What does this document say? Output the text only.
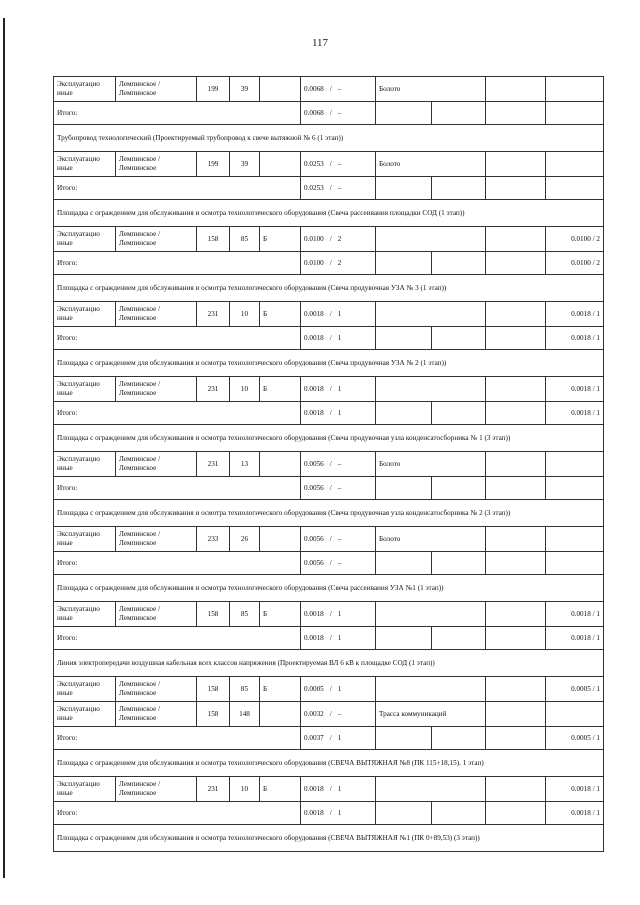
117
Эксплуатацио нные	Лемпинское / Лемпинское	199	39		0.0068 / –	Болото			
Итого:					0.0068 / –				
Трубопровод технологический (Проектируемый трубопровод к свече вытяжной № 6 (1 этап))									
Эксплуатацио нные	Лемпинское / Лемпинское	199	39		0.0253 / –	Болото			
Итого:					0.0253 / –				
Площадка с ограждением для обслуживания и осмотра технологического оборудования (Свеча рассеивания площадки СОД (1 этап))									
Эксплуатацио нные	Лемпинское / Лемпинское	158	85	Б	0.0100 / 2				0.0100 / 2
Итого:					0.0100 / 2				0.0100 / 2
Площадка с ограждением для обслуживания и осмотра технологического оборудования (Свеча продувочная УЗА № 3 (1 этап))									
Эксплуатацио нные	Лемпинское / Лемпинское	231	10	Б	0.0018 / 1				0.0018 / 1
Итого:					0.0018 / 1				0.0018 / 1
Площадка с ограждением для обслуживания и осмотра технологического оборудования (Свеча продувочная УЗА № 2 (1 этап))									
Эксплуатацио нные	Лемпинское / Лемпинское	231	10	Б	0.0018 / 1				0.0018 / 1
Итого:					0.0018 / 1				0.0018 / 1
Площадка с ограждением для обслуживания и осмотра технологического оборудования (Свеча продувочная узла конденсатосборника № 1 (3 этап))									
Эксплуатацио нные	Лемпинское / Лемпинское	231	13		0.0056 / –	Болото			
Итого:					0.0056 / –				
Площадка с ограждением для обслуживания и осмотра технологического оборудования (Свеча продувочная узла конденсатосборника № 2 (3 этап))									
Эксплуатацио нные	Лемпинское / Лемпинское	233	26		0.0056 / –	Болото			
Итого:					0.0056 / –				
Площадка с ограждением для обслуживания и осмотра технологического оборудования (Свеча рассеивания УЗА №1 (1 этап))									
Эксплуатацио нные	Лемпинское / Лемпинское	158	85	Б	0.0018 / 1				0.0018 / 1
Итого:					0.0018 / 1				0.0018 / 1
Линия электропередачи воздушная кабельная всех классов напряжения (Проектируемая ВЛ 6 кВ к площадке СОД (1 этап))									
Эксплуатацио нные	Лемпинское / Лемпинское	158	85	Б	0.0005 / 1				0.0005 / 1
Эксплуатацио нные	Лемпинское / Лемпинское	158	148		0.0032 / –	Трасса коммуникаций			
Итого:					0.0037 / 1				0.0005 / 1
Площадка с ограждением для обслуживания и осмотра технологического оборудования (СВЕЧА ВЫТЯЖНАЯ №8 (ПК 115+18,15). 1 этап)									
Эксплуатацио нные	Лемпинское / Лемпинское	231	10	Б	0.0018 / 1				0.0018 / 1
Итого:					0.0018 / 1				0.0018 / 1
Площадка с ограждением для обслуживания и осмотра технологического оборудования (СВЕЧА ВЫТЯЖНАЯ №1 (ПК 0+89,53) (3 этап))									
